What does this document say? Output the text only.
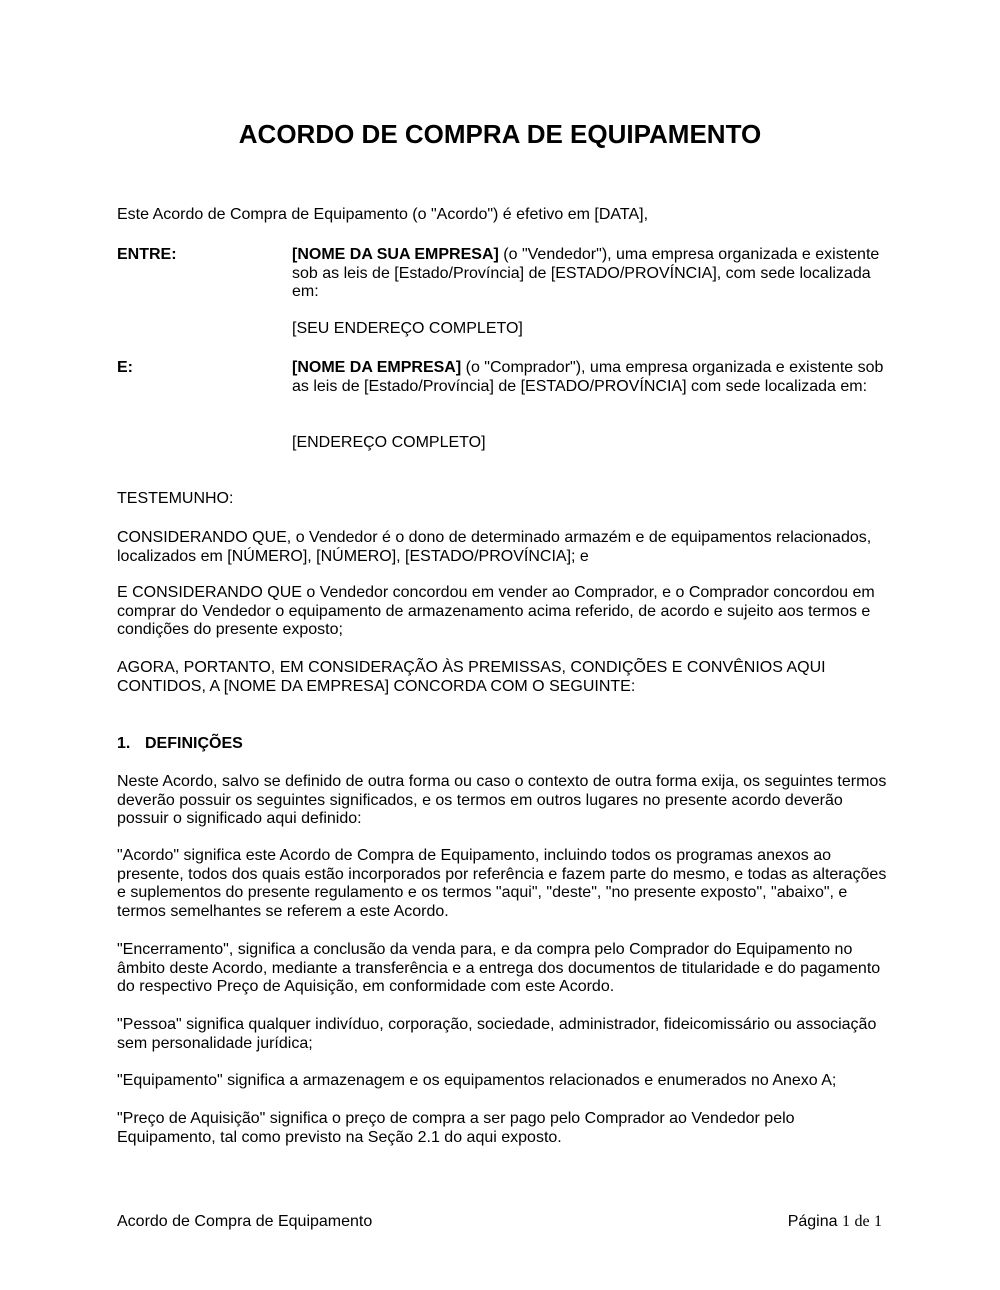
ACORDO DE COMPRA DE EQUIPAMENTO

Este Acordo de Compra de Equipamento (o "Acordo") é efetivo em [DATA],

ENTRE:	[NOME DA SUA EMPRESA] (o "Vendedor"), uma empresa organizada e existente sob as leis de [Estado/Província] de [ESTADO/PROVÍNCIA], com sede localizada em:

[SEU ENDEREÇO COMPLETO]

E:	[NOME DA EMPRESA] (o "Comprador"), uma empresa organizada e existente sob as leis de [Estado/Província] de [ESTADO/PROVÍNCIA] com sede localizada em:

[ENDEREÇO COMPLETO]

TESTEMUNHO:

CONSIDERANDO QUE, o Vendedor é o dono de determinado armazém e de equipamentos relacionados, localizados em [NÚMERO], [NÚMERO], [ESTADO/PROVÍNCIA]; e

E CONSIDERANDO QUE o Vendedor concordou em vender ao Comprador, e o Comprador concordou em comprar do Vendedor o equipamento de armazenamento acima referido, de acordo e sujeito aos termos e condições do presente exposto;

AGORA, PORTANTO, EM CONSIDERAÇÃO ÀS PREMISSAS, CONDIÇÕES E CONVÊNIOS AQUI CONTIDOS, A [NOME DA EMPRESA] CONCORDA COM O SEGUINTE:

1. DEFINIÇÕES

Neste Acordo, salvo se definido de outra forma ou caso o contexto de outra forma exija, os seguintes termos deverão possuir os seguintes significados, e os termos em outros lugares no presente acordo deverão possuir o significado aqui definido:

"Acordo" significa este Acordo de Compra de Equipamento, incluindo todos os programas anexos ao presente, todos dos quais estão incorporados por referência e fazem parte do mesmo, e todas as alterações e suplementos do presente regulamento e os termos "aqui", "deste", "no presente exposto", "abaixo", e termos semelhantes se referem a este Acordo.

"Encerramento", significa a conclusão da venda para, e da compra pelo Comprador do Equipamento no âmbito deste Acordo, mediante a transferência e a entrega dos documentos de titularidade e do pagamento do respectivo Preço de Aquisição, em conformidade com este Acordo.

"Pessoa" significa qualquer indivíduo, corporação, sociedade, administrador, fideicomissário ou associação sem personalidade jurídica;

"Equipamento" significa a armazenagem e os equipamentos relacionados e enumerados no Anexo A;

"Preço de Aquisição" significa o preço de compra a ser pago pelo Comprador ao Vendedor pelo Equipamento, tal como previsto na Seção 2.1 do aqui exposto.

Acordo de Compra de Equipamento	Página 1 de 1
